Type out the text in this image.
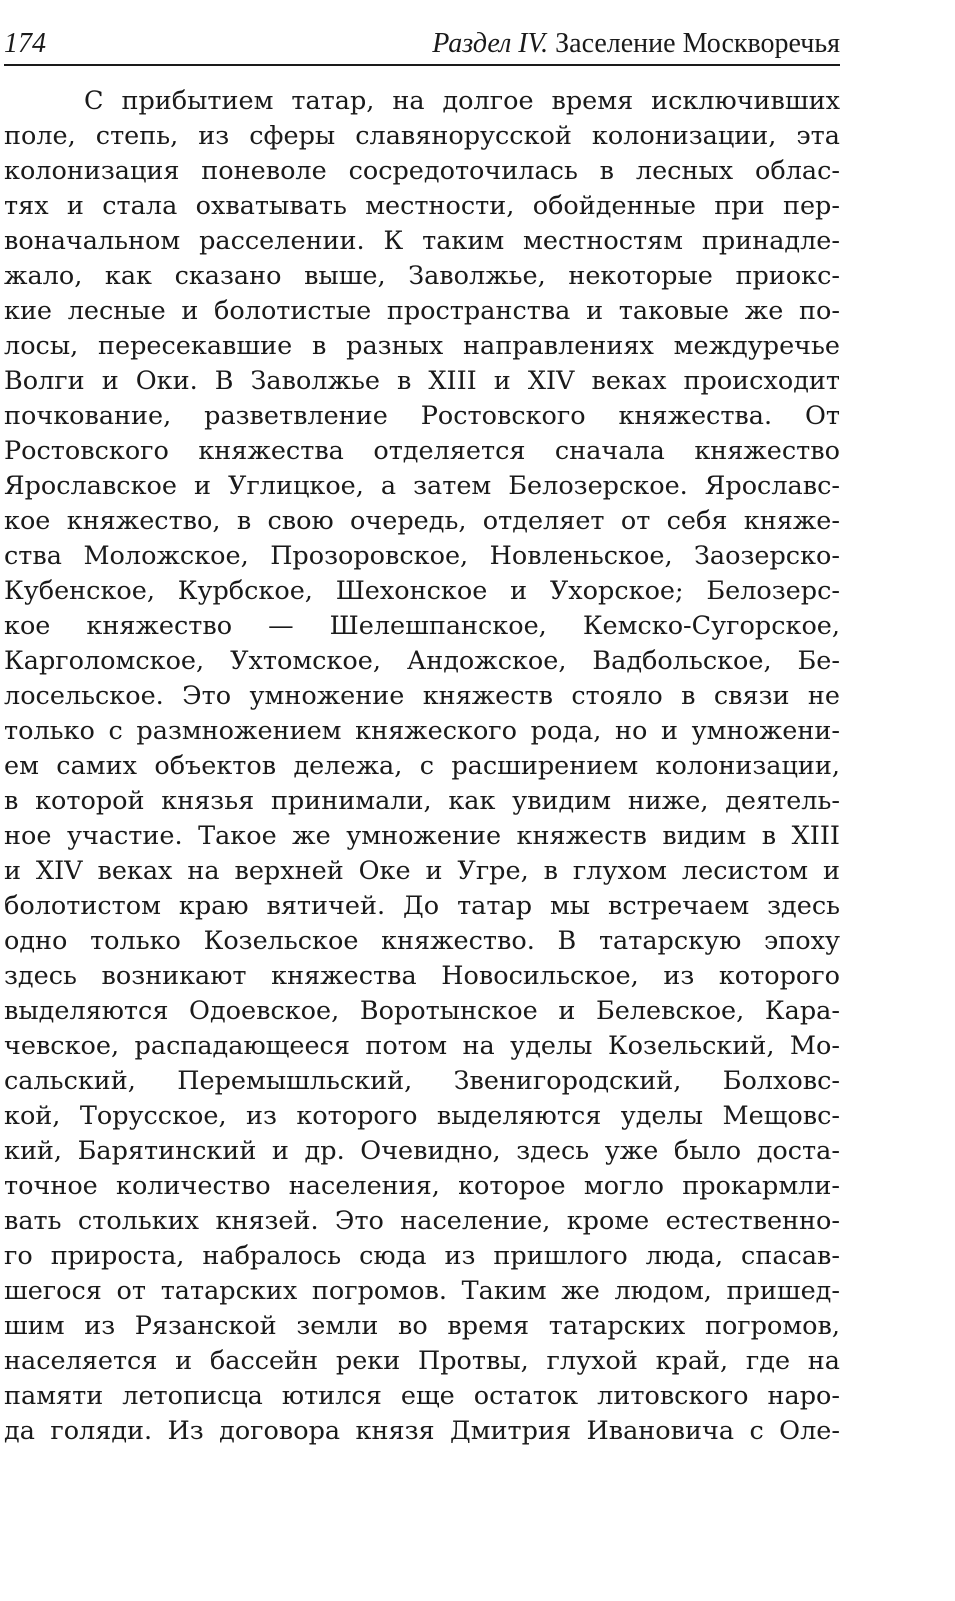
174	Раздел IV. Заселение Москворечья
С прибытием татар, на долгое время исключивших
поле, степь, из сферы славянорусской колонизации, эта
колонизация поневоле сосредоточилась в лесных облас-
тях и стала охватывать местности, обойденные при пер-
воначальном расселении. К таким местностям принадле-
жало, как сказано выше, Заволжье, некоторые приокс-
кие лесные и болотистые пространства и таковые же по-
лосы, пересекавшие в разных направлениях междуречье
Волги и Оки. В Заволжье в XIII и XIV веках происходит
почкование, разветвление Ростовского княжества. От
Ростовского княжества отделяется сначала княжество
Ярославское и Углицкое, а затем Белозерское. Ярославс-
кое княжество, в свою очередь, отделяет от себя княже-
ства Моложское, Прозоровское, Новленьское, Заозерско-
Кубенское, Курбское, Шехонское и Ухорское; Белозерс-
кое княжество — Шелешпанское, Кемско-Сугорское,
Карголомское, Ухтомское, Андожское, Вадбольское, Бе-
лосельское. Это умножение княжеств стояло в связи не
только с размножением княжеского рода, но и умножени-
ем самих объектов дележа, с расширением колонизации,
в которой князья принимали, как увидим ниже, деятель-
ное участие. Такое же умножение княжеств видим в XIII
и XIV веках на верхней Оке и Угре, в глухом лесистом и
болотистом краю вятичей. До татар мы встречаем здесь
одно только Козельское княжество. В татарскую эпоху
здесь возникают княжества Новосильское, из которого
выделяются Одоевское, Воротынское и Белевское, Кара-
чевское, распадающееся потом на уделы Козельский, Мо-
сальский, Перемышльский, Звенигородский, Болховс-
кой, Торусское, из которого выделяются уделы Мещовс-
кий, Барятинский и др. Очевидно, здесь уже было доста-
точное количество населения, которое могло прокармли-
вать стольких князей. Это население, кроме естественно-
го прироста, набралось сюда из пришлого люда, спасав-
шегося от татарских погромов. Таким же людом, пришед-
шим из Рязанской земли во время татарских погромов,
населяется и бассейн реки Протвы, глухой край, где на
памяти летописца ютился еще остаток литовского наро-
да голяди. Из договора князя Дмитрия Ивановича с Оле-
